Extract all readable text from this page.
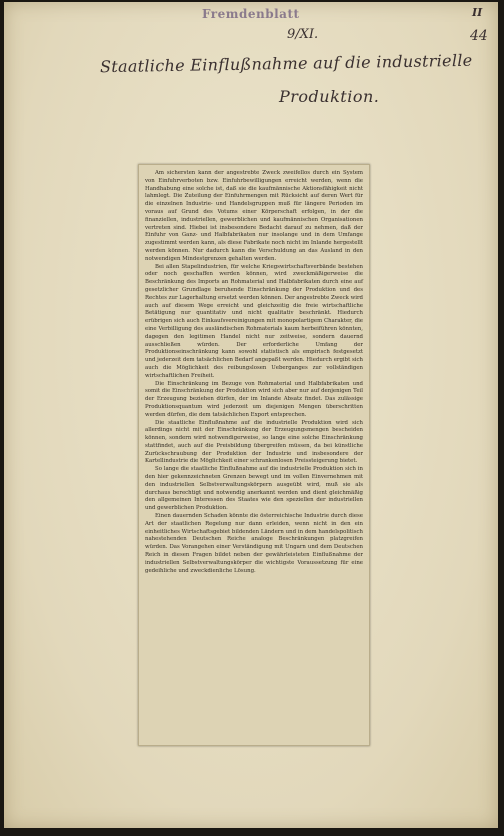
Fremdenblatt	II
44
9/XI.
Staatliche Einflußnahme auf die industrielle
Produktion.

Am sichersten kann der angestrebte Zweck zweifellos durch ein System von Einfuhrverboten bzw. Einfuhrbewilligungen erreicht werden, wenn die Handhabung eine solche ist, daß sie die kaufmännische Aktionsfähigkeit nicht lahmlegt. Die Zuteilung der Einfuhrmengen mit Rücksicht auf deren Wert für die einzelnen Industrie- und Handelsgruppen muß für längere Perioden im voraus auf Grund des Votums einer Körperschaft erfolgen, in der die finanziellen, industriellen, gewerblichen und kaufmännischen Organisationen vertreten sind. Hiebei ist insbesondere Bedacht darauf zu nehmen, daß der Einfuhr von Ganz- und Halbfabrikaten nur insolange und in dem Umfange zugestimmt werden kann, als diese Fabrikate noch nicht im Inlande hergestellt werden können. Nur dadurch kann die Verschuldung an das Ausland in den notwendigen Mindestgrenzen gehalten werden.

Bei allen Stapelindustrien, für welche Kriegswirtschaftsverbände bestehen oder noch geschaffen werden können, wird zweckmäßigerweise die Beschränkung des Imports an Rohmaterial und Halbfabrikaten durch eine auf gesetzlicher Grundlage beruhende Einschränkung der Produktion und des Rechtes zur Lagerhaltung ersetzt werden können. Der angestrebte Zweck wird auch auf diesem Wege erreicht und gleichzeitig die freie wirtschaftliche Betätigung nur quantitativ und nicht qualitativ beschränkt. Hiedurch erübrigen sich auch Einkaufsvereinigungen mit monopolartigem Charakter, die eine Verbilligung des ausländischen Rohmaterials kaum herbeiführen könnten, dagegen den legitimen Handel nicht nur zeitweise, sondern dauernd ausschließen würden. Der erforderliche Umfang der Produktionseinschränkung kann sowohl statistisch als empirisch festgesetzt und jederzeit dem tatsächlichen Bedarf angepaßt werden. Hiedurch ergibt sich auch die Möglichkeit des reibungslosen Ueberganges zur vollständigen wirtschaftlichen Freiheit.

Die Einschränkung im Bezuge von Rohmaterial und Halbfabrikaten und somit die Einschränkung der Produktion wird sich aber nur auf denjenigen Teil der Erzeugung beziehen dürfen, der im Inlande Absatz findet. Das zulässige Produktionsquantum wird jederzeit um diejenigen Mengen überschritten werden dürfen, die dem tatsächlichen Export entsprechen.

Die staatliche Einflußnahme auf die industrielle Produktion wird sich allerdings nicht mit der Einschränkung der Erzeugungsmengen bescheiden können, sondern wird notwendigerweise, so lange eine solche Einschränkung stattfindet, auch auf die Preisbildung übergreifen müssen, da bei künstliche Zurückschraubung der Produktion der Industrie und insbesondere der Kartellindustrie die Möglichkeit einer schrankenlosen Preissteigerung bietet.

So lange die staatliche Einflußnahme auf die industrielle Produktion sich in den hier gekennzeichneten Grenzen bewegt und im vollen Einvernehmen mit den industriellen Selbstverwaltungskörpern ausgeübt wird, muß sie als durchaus berechtigt und notwendig anerkannt werden und dient gleichmäßig den allgemeinen Interessen des Staates wie den speziellen der industriellen und gewerblichen Produktion.

Einen dauernden Schaden könnte die österreichische Industrie durch diese Art der staatlichen Regelung nur dann erleiden, wenn nicht in den ein einheitliches Wirtschaftsgebiet bildenden Ländern und in dem handelspolitisch nahestehenden Deutschen Reiche analoge Beschränkungen platzgreifen würden. Das Vorangehen einer Verständigung mit Ungarn und dem Deutschen Reich in diesen Fragen bildet neben der gewährleisteten Einflußnahme der industriellen Selbstverwaltungskörper die wichtigste Voraussetzung für eine gedeihliche und zweckdienliche Lösung.
